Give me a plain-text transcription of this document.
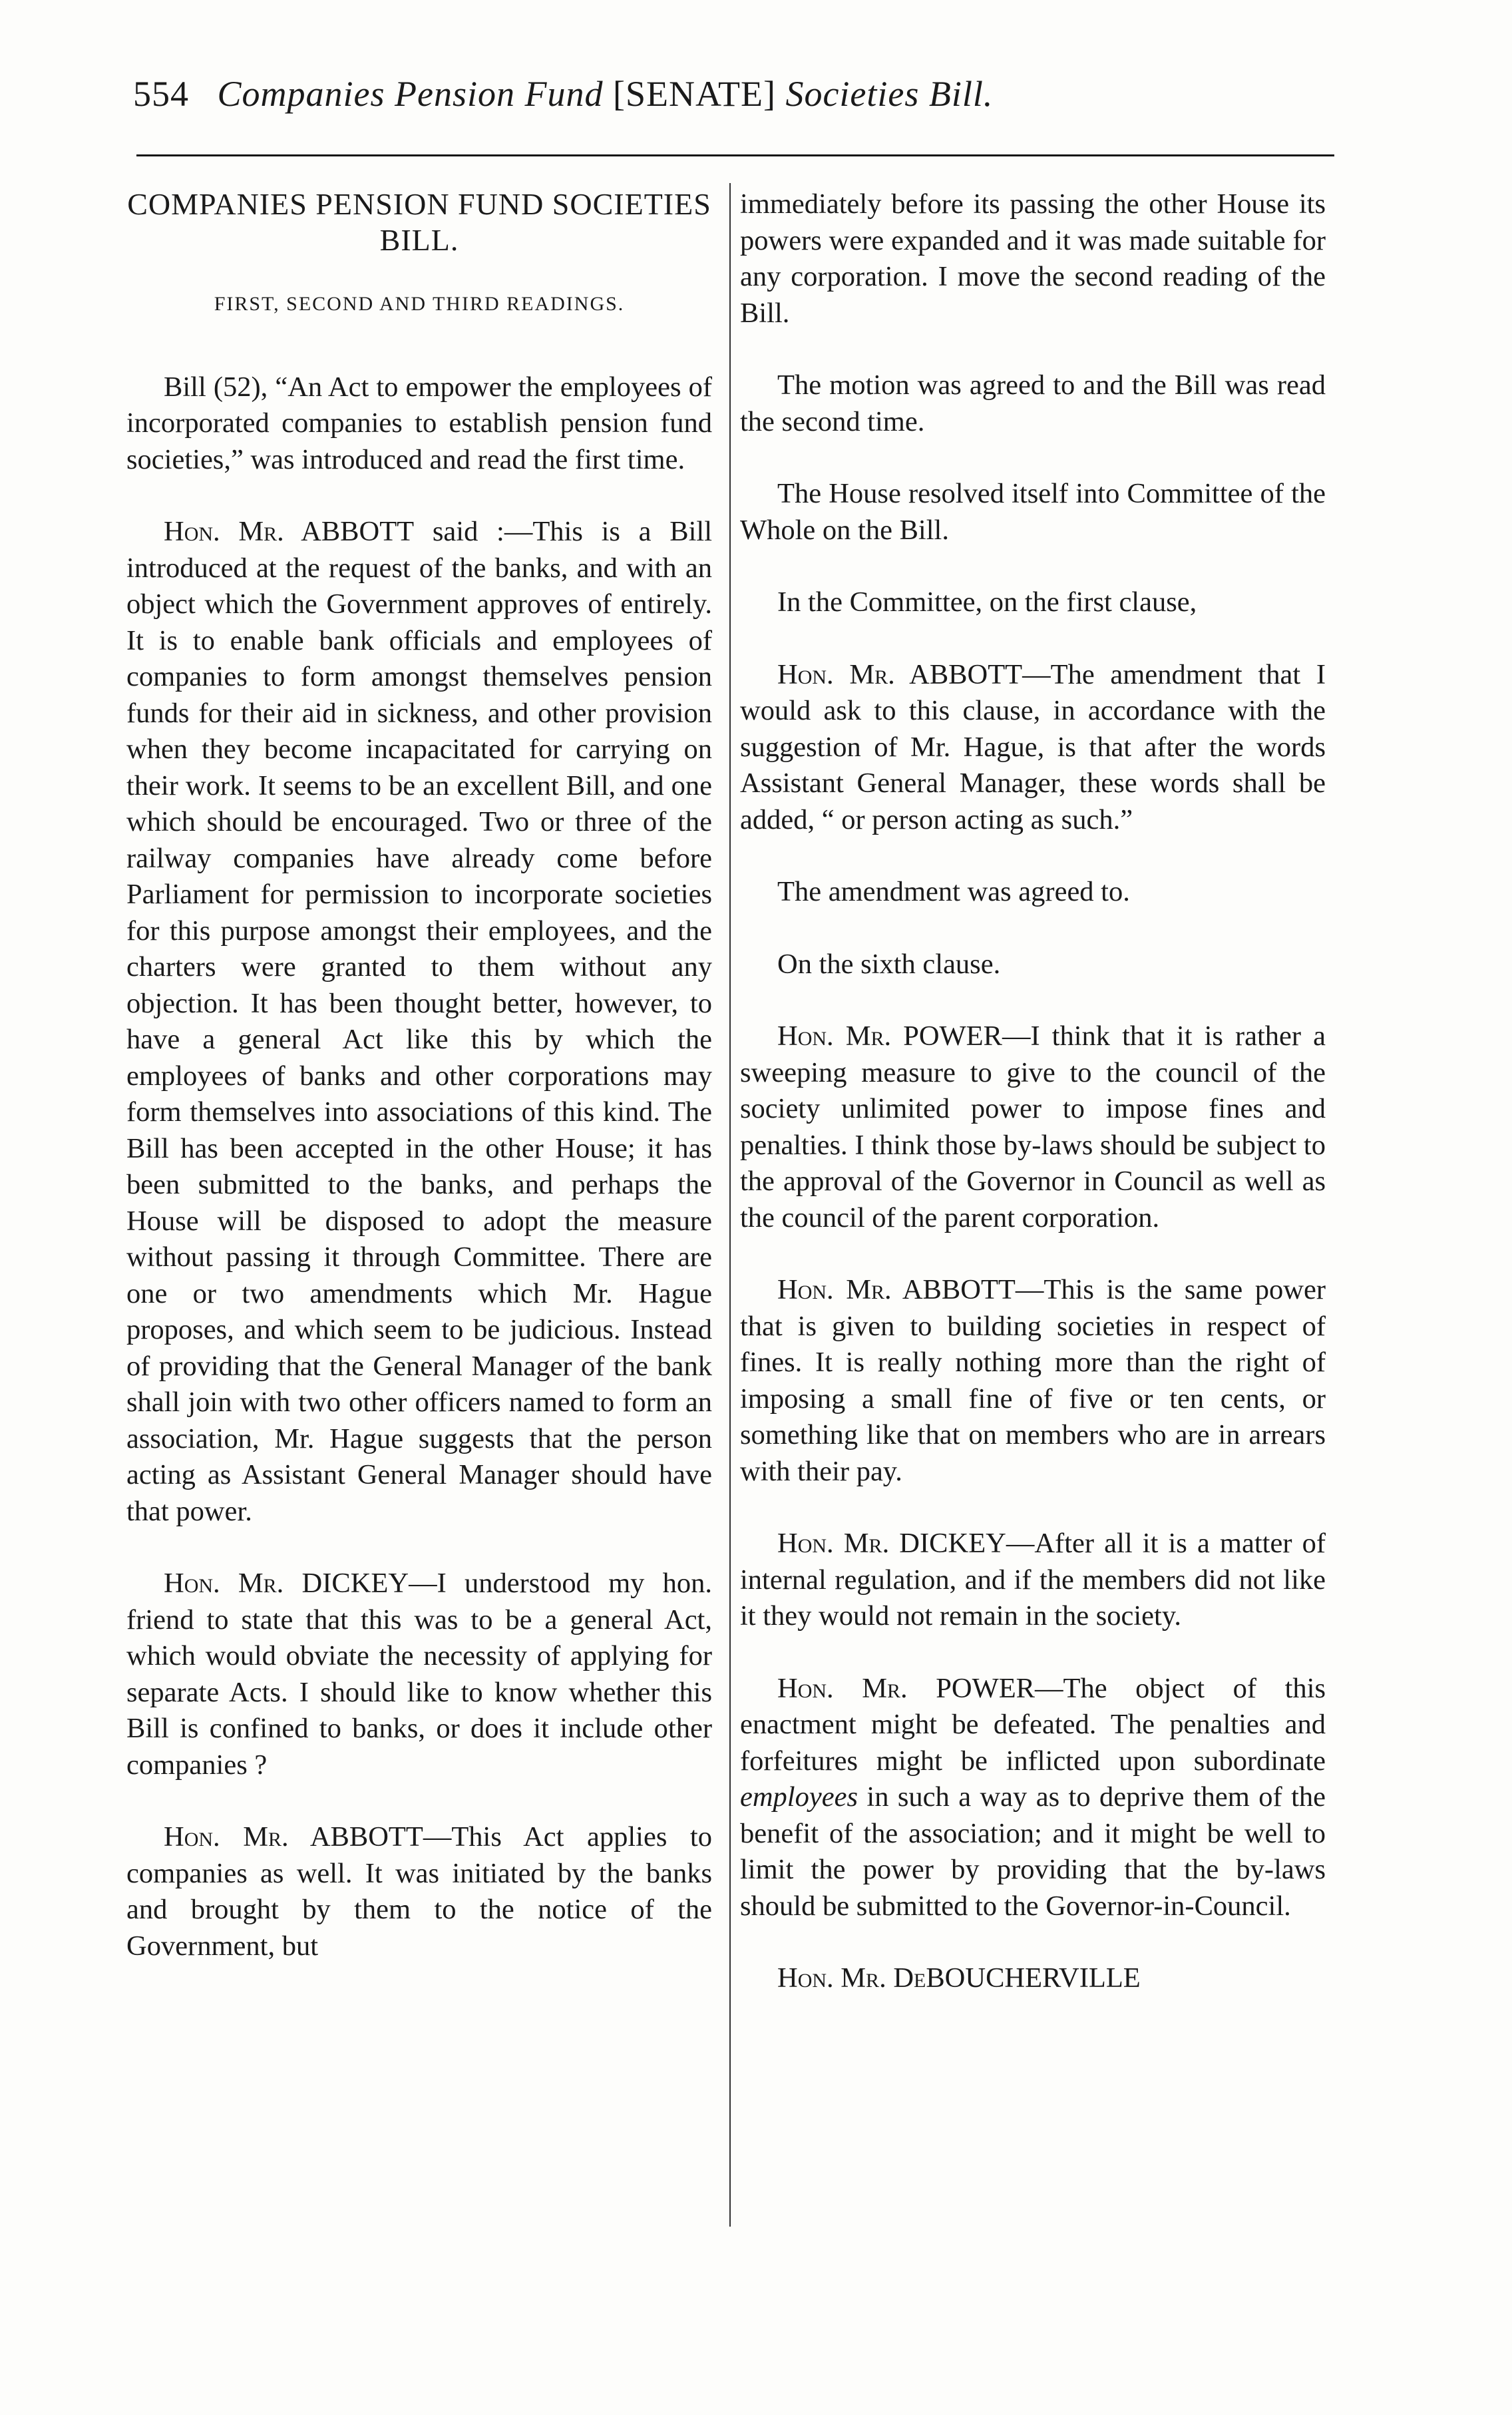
554 Companies Pension Fund [SENATE] Societies Bill.
COMPANIES PENSION FUND SOCIETIES BILL.
FIRST, SECOND AND THIRD READINGS.

Bill (52), “An Act to empower the employees of incorporated companies to establish pension fund societies,” was introduced and read the first time.

Hon. Mr. ABBOTT said :—This is a Bill introduced at the request of the banks, and with an object which the Government approves of entirely. It is to enable bank officials and employees of companies to form amongst themselves pension funds for their aid in sickness, and other provision when they become incapacitated for carrying on their work. It seems to be an excellent Bill, and one which should be encouraged. Two or three of the railway companies have already come before Parliament for permission to incorporate societies for this purpose amongst their employees, and the charters were granted to them without any objection. It has been thought better, however, to have a general Act like this by which the employees of banks and other corporations may form themselves into associations of this kind. The Bill has been accepted in the other House; it has been submitted to the banks, and perhaps the House will be disposed to adopt the measure without passing it through Committee. There are one or two amendments which Mr. Hague proposes, and which seem to be judicious. Instead of providing that the General Manager of the bank shall join with two other officers named to form an association, Mr. Hague suggests that the person acting as Assistant General Manager should have that power.

Hon. Mr. DICKEY—I understood my hon. friend to state that this was to be a general Act, which would obviate the necessity of applying for separate Acts. I should like to know whether this Bill is confined to banks, or does it include other companies ?

Hon. Mr. ABBOTT—This Act applies to companies as well. It was initiated by the banks and brought by them to the notice of the Government, but

immediately before its passing the other House its powers were expanded and it was made suitable for any corporation. I move the second reading of the Bill.

The motion was agreed to and the Bill was read the second time.

The House resolved itself into Committee of the Whole on the Bill.

In the Committee, on the first clause,

Hon. Mr. ABBOTT—The amendment that I would ask to this clause, in accordance with the suggestion of Mr. Hague, is that after the words Assistant General Manager, these words shall be added, “ or person acting as such.”

The amendment was agreed to.

On the sixth clause.

Hon. Mr. POWER—I think that it is rather a sweeping measure to give to the council of the society unlimited power to impose fines and penalties. I think those by-laws should be subject to the approval of the Governor in Council as well as the council of the parent corporation.

Hon. Mr. ABBOTT—This is the same power that is given to building societies in respect of fines. It is really nothing more than the right of imposing a small fine of five or ten cents, or something like that on members who are in arrears with their pay.

Hon. Mr. DICKEY—After all it is a matter of internal regulation, and if the members did not like it they would not remain in the society.

Hon. Mr. POWER—The object of this enactment might be defeated. The penalties and forfeitures might be inflicted upon subordinate employees in such a way as to deprive them of the benefit of the association; and it might be well to limit the power by providing that the by-laws should be submitted to the Governor-in-Council.

Hon. Mr. DeBOUCHERVILLE
